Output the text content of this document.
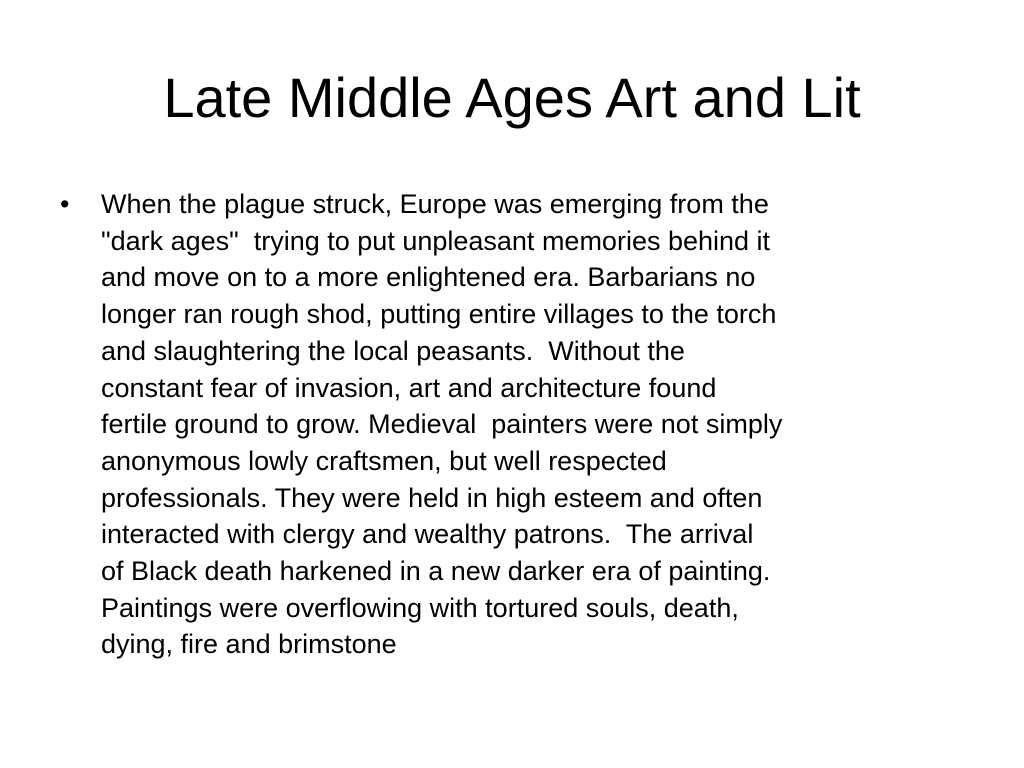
Late Middle Ages Art and Lit
• When the plague struck, Europe was emerging from the
"dark ages"  trying to put unpleasant memories behind it
and move on to a more enlightened era. Barbarians no
longer ran rough shod, putting entire villages to the torch
and slaughtering the local peasants.  Without the
constant fear of invasion, art and architecture found
fertile ground to grow. Medieval  painters were not simply
anonymous lowly craftsmen, but well respected
professionals. They were held in high esteem and often
interacted with clergy and wealthy patrons.  The arrival
of Black death harkened in a new darker era of painting.
Paintings were overflowing with tortured souls, death,
dying, fire and brimstone
